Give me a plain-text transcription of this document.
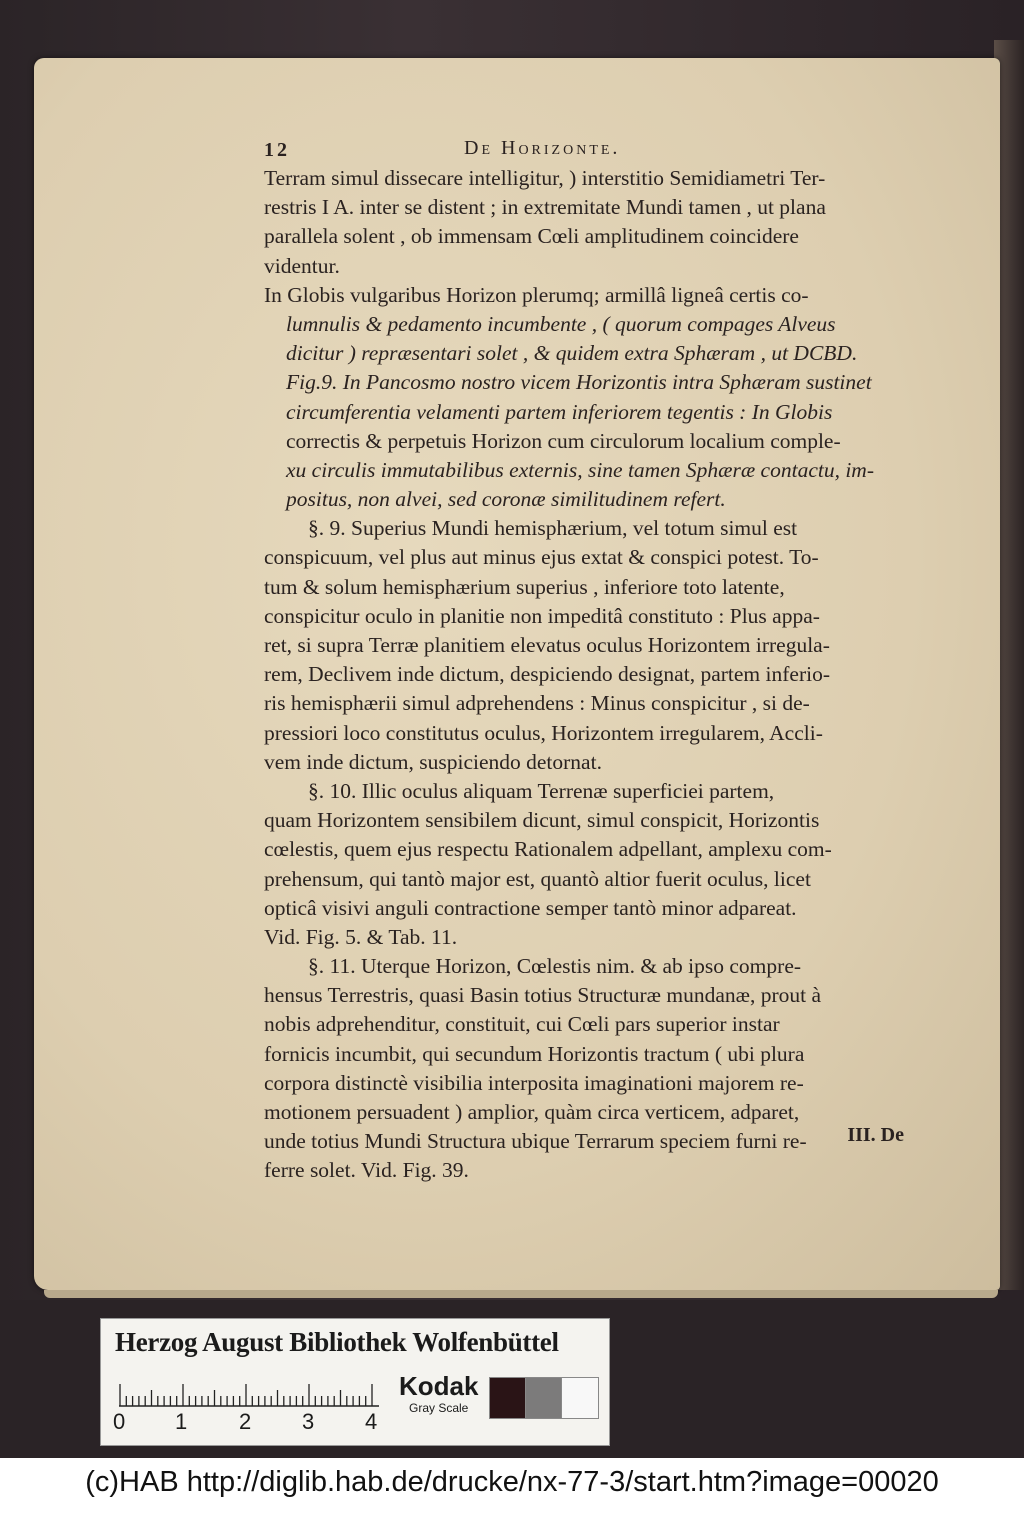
12	De Horizonte.
Terram simul dissecare intelligitur, ) interstitio Semidiametri Ter-
restris I A. inter se distent ; in extremitate Mundi tamen , ut plana
parallela solent , ob immensam Cœli amplitudinem coincidere
videntur.
In Globis vulgaribus Horizon plerumq; armillâ ligneâ certis co-
lumnulis & pedamento incumbente , ( quorum compages Alveus
dicitur ) repræsentari solet , & quidem extra Sphæram , ut DCBD.
Fig.9. In Pancosmo nostro vicem Horizontis intra Sphæram sustinet
circumferentia velamenti partem inferiorem tegentis : In Globis
correctis & perpetuis Horizon cum circulorum localium comple-
xu circulis immutabilibus externis, sine tamen Sphæræ contactu, im-
positus, non alvei, sed coronæ similitudinem refert.
§. 9. Superius Mundi hemisphærium, vel totum simul est
conspicuum, vel plus aut minus ejus extat & conspici potest. To-
tum & solum hemisphærium superius , inferiore toto latente,
conspicitur oculo in planitie non impeditâ constituto : Plus appa-
ret, si supra Terræ planitiem elevatus oculus Horizontem irregula-
rem, Declivem inde dictum, despiciendo designat, partem inferio-
ris hemisphærii simul adprehendens : Minus conspicitur , si de-
pressiori loco constitutus oculus, Horizontem irregularem, Accli-
vem inde dictum, suspiciendo detornat.
§. 10. Illic oculus aliquam Terrenæ superficiei partem,
quam Horizontem sensibilem dicunt, simul conspicit, Horizontis
cœlestis, quem ejus respectu Rationalem adpellant, amplexu com-
prehensum, qui tantò major est, quantò altior fuerit oculus, licet
opticâ visivi anguli contractione semper tantò minor adpareat.
Vid. Fig. 5. & Tab. 11.
§. 11. Uterque Horizon, Cœlestis nim. & ab ipso compre-
hensus Terrestris, quasi Basin totius Structuræ mundanæ, prout à
nobis adprehenditur, constituit, cui Cœli pars superior instar
fornicis incumbit, qui secundum Horizontis tractum ( ubi plura
corpora distinctè visibilia interposita imaginationi majorem re-
motionem persuadent ) amplior, quàm circa verticem, adparet,
unde totius Mundi Structura ubique Terrarum speciem furni re-
ferre solet. Vid. Fig. 39.
III. De
Herzog August Bibliothek Wolfenbüttel
0 1 2 3 4
Kodak
Gray Scale
(c)HAB http://diglib.hab.de/drucke/nx-77-3/start.htm?image=00020
